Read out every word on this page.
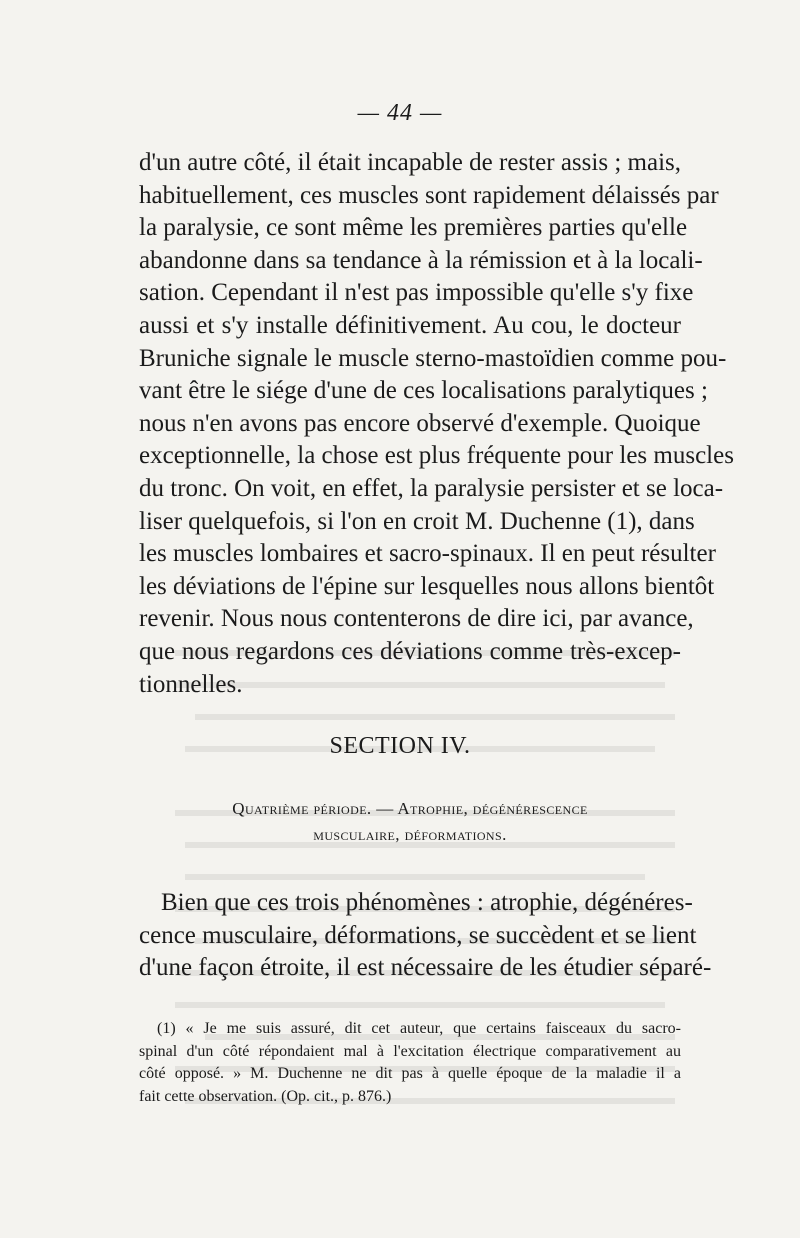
— 44 —
d'un autre côté, il était incapable de rester assis ; mais,
habituellement, ces muscles sont rapidement délaissés par
la paralysie, ce sont même les premières parties qu'elle
abandonne dans sa tendance à la rémission et à la locali-
sation. Cependant il n'est pas impossible qu'elle s'y fixe
aussi et s'y installe définitivement. Au cou, le docteur
Bruniche signale le muscle sterno-mastoïdien comme pou-
vant être le siége d'une de ces localisations paralytiques ;
nous n'en avons pas encore observé d'exemple. Quoique
exceptionnelle, la chose est plus fréquente pour les muscles
du tronc. On voit, en effet, la paralysie persister et se loca-
liser quelquefois, si l'on en croit M. Duchenne (1), dans
les muscles lombaires et sacro-spinaux. Il en peut résulter
les déviations de l'épine sur lesquelles nous allons bientôt
revenir. Nous nous contenterons de dire ici, par avance,
que nous regardons ces déviations comme très-excep-
tionnelles.
SECTION IV.
Quatrième période. — Atrophie, dégénérescence
musculaire, déformations.
Bien que ces trois phénomènes : atrophie, dégénéres-
cence musculaire, déformations, se succèdent et se lient
d'une façon étroite, il est nécessaire de les étudier séparé-
(1) « Je me suis assuré, dit cet auteur, que certains faisceaux du sacro-
spinal d'un côté répondaient mal à l'excitation électrique comparativement au
côté opposé. » M. Duchenne ne dit pas à quelle époque de la maladie il a
fait cette observation. (Op. cit., p. 876.)
